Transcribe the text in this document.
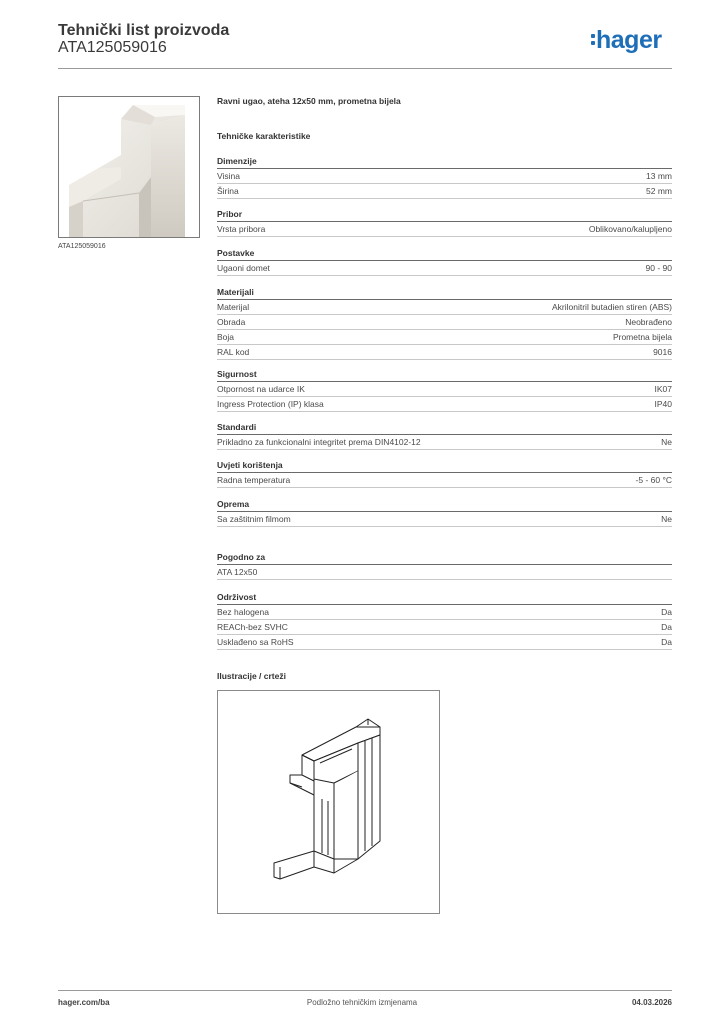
Tehnički list proizvoda
ATA125059016	hager
ATA125059016
Ravni ugao, ateha 12x50 mm, prometna bijela
Tehničke karakteristike
Dimenzije
Visina	13 mm
Širina	52 mm
Pribor
Vrsta pribora	Oblikovano/kalupljeno
Postavke
Ugaoni domet	90 - 90
Materijali
Materijal	Akrilonitril butadien stiren (ABS)
Obrada	Neobrađeno
Boja	Prometna bijela
RAL kod	9016
Sigurnost
Otpornost na udarce IK	IK07
Ingress Protection (IP) klasa	IP40
Standardi
Prikladno za funkcionalni integritet prema DIN4102-12	Ne
Uvjeti korištenja
Radna temperatura	-5 - 60 °C
Oprema
Sa zaštitnim filmom	Ne
Pogodno za
ATA 12x50
Održivost
Bez halogena	Da
REACh-bez SVHC	Da
Usklađeno sa RoHS	Da
Ilustracije / crteži
hager.com/ba	Podložno tehničkim izmjenama	04.03.2026
